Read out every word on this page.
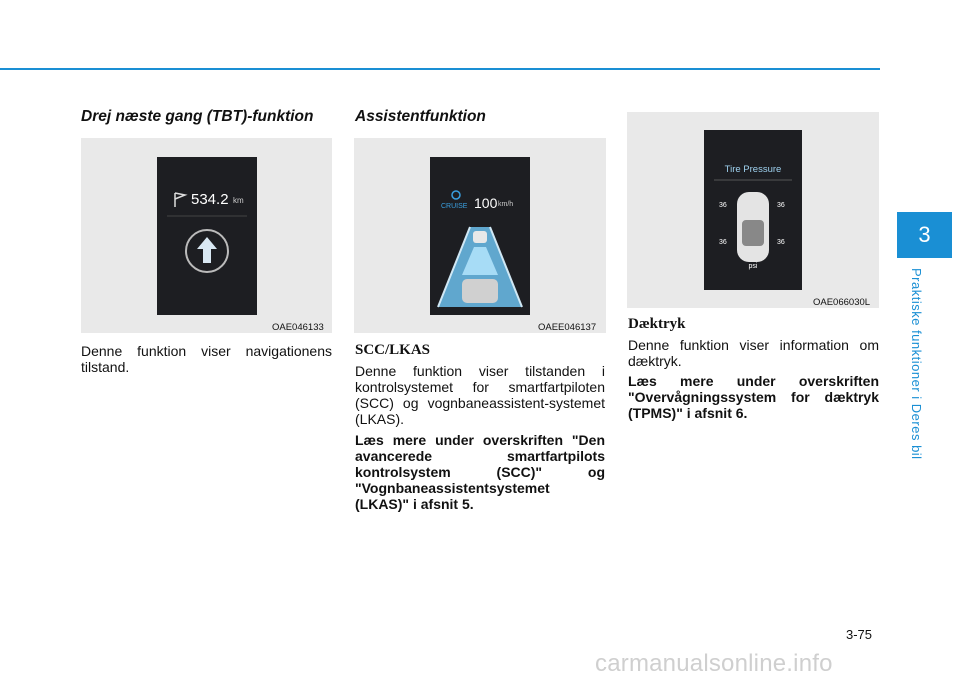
Drej næste gang (TBT)-funktion
534.2 km
OAE046133

Denne funktion viser navigationens tilstand.

Assistentfunktion
CRUISE 100 km/h
OAEE046137
SCC/LKAS

Denne funktion viser tilstanden i kontrolsystemet for smartfartpiloten (SCC) og vognbaneassistent-systemet (LKAS).

Læs mere under overskriften "Den avancerede smartfartpilots kontrolsystem (SCC)" og "Vognbaneassistentsystemet (LKAS)" i afsnit 5.

Tire Pressure
36	36
36	36
psi
OAE066030L
Dæktryk

Denne funktion viser information om dæktryk.

Læs mere under overskriften "Overvågningssystem for dæktryk (TPMS)" i afsnit 6.

3
Praktiske funktioner i Deres bil
3-75
carmanualsonline.info
